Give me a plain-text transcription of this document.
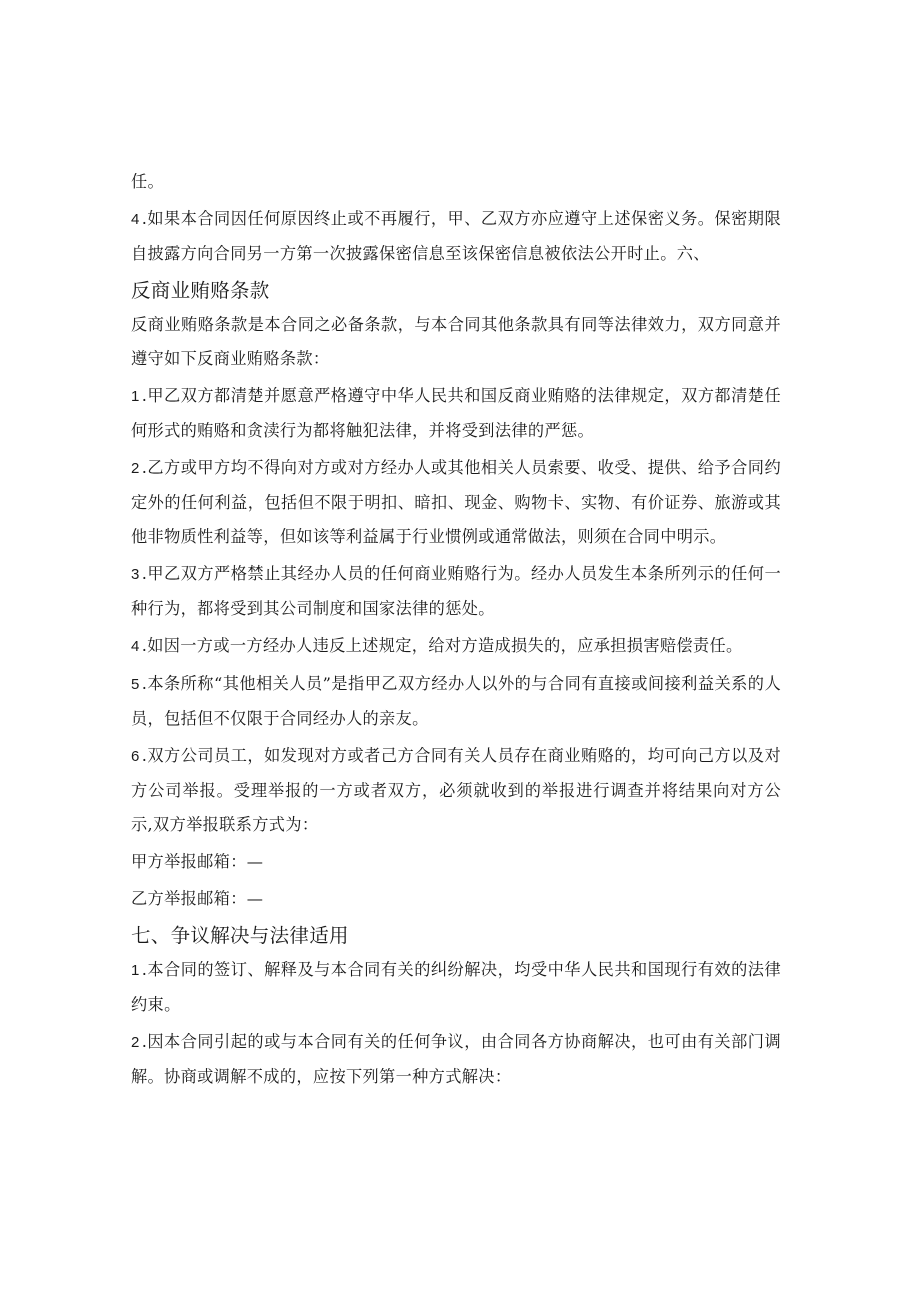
任。

4 .如果本合同因任何原因终止或不再履行，甲、乙双方亦应遵守上述保密义务。保密期限自披露方向合同另一方第一次披露保密信息至该保密信息被依法公开时止。六、

反商业贿赂条款

反商业贿赂条款是本合同之必备条款，与本合同其他条款具有同等法律效力，双方同意并遵守如下反商业贿赂条款：

1 .甲乙双方都清楚并愿意严格遵守中华人民共和国反商业贿赂的法律规定，双方都清楚任何形式的贿赂和贪渎行为都将触犯法律，并将受到法律的严惩。

2 .乙方或甲方均不得向对方或对方经办人或其他相关人员索要、收受、提供、给予合同约定外的任何利益，包括但不限于明扣、暗扣、现金、购物卡、实物、有价证券、旅游或其他非物质性利益等，但如该等利益属于行业惯例或通常做法，则须在合同中明示。

3 .甲乙双方严格禁止其经办人员的任何商业贿赂行为。经办人员发生本条所列示的任何一种行为，都将受到其公司制度和国家法律的惩处。

4 .如因一方或一方经办人违反上述规定，给对方造成损失的，应承担损害赔偿责任。

5 .本条所称“其他相关人员”是指甲乙双方经办人以外的与合同有直接或间接利益关系的人员，包括但不仅限于合同经办人的亲友。

6 .双方公司员工，如发现对方或者己方合同有关人员存在商业贿赂的，均可向己方以及对方公司举报。受理举报的一方或者双方，必须就收到的举报进行调查并将结果向对方公示,双方举报联系方式为：

甲方举报邮箱：—

乙方举报邮箱：—

七、争议解决与法律适用

1 .本合同的签订、解释及与本合同有关的纠纷解决，均受中华人民共和国现行有效的法律约束。

2 .因本合同引起的或与本合同有关的任何争议，由合同各方协商解决，也可由有关部门调解。协商或调解不成的，应按下列第一种方式解决：
